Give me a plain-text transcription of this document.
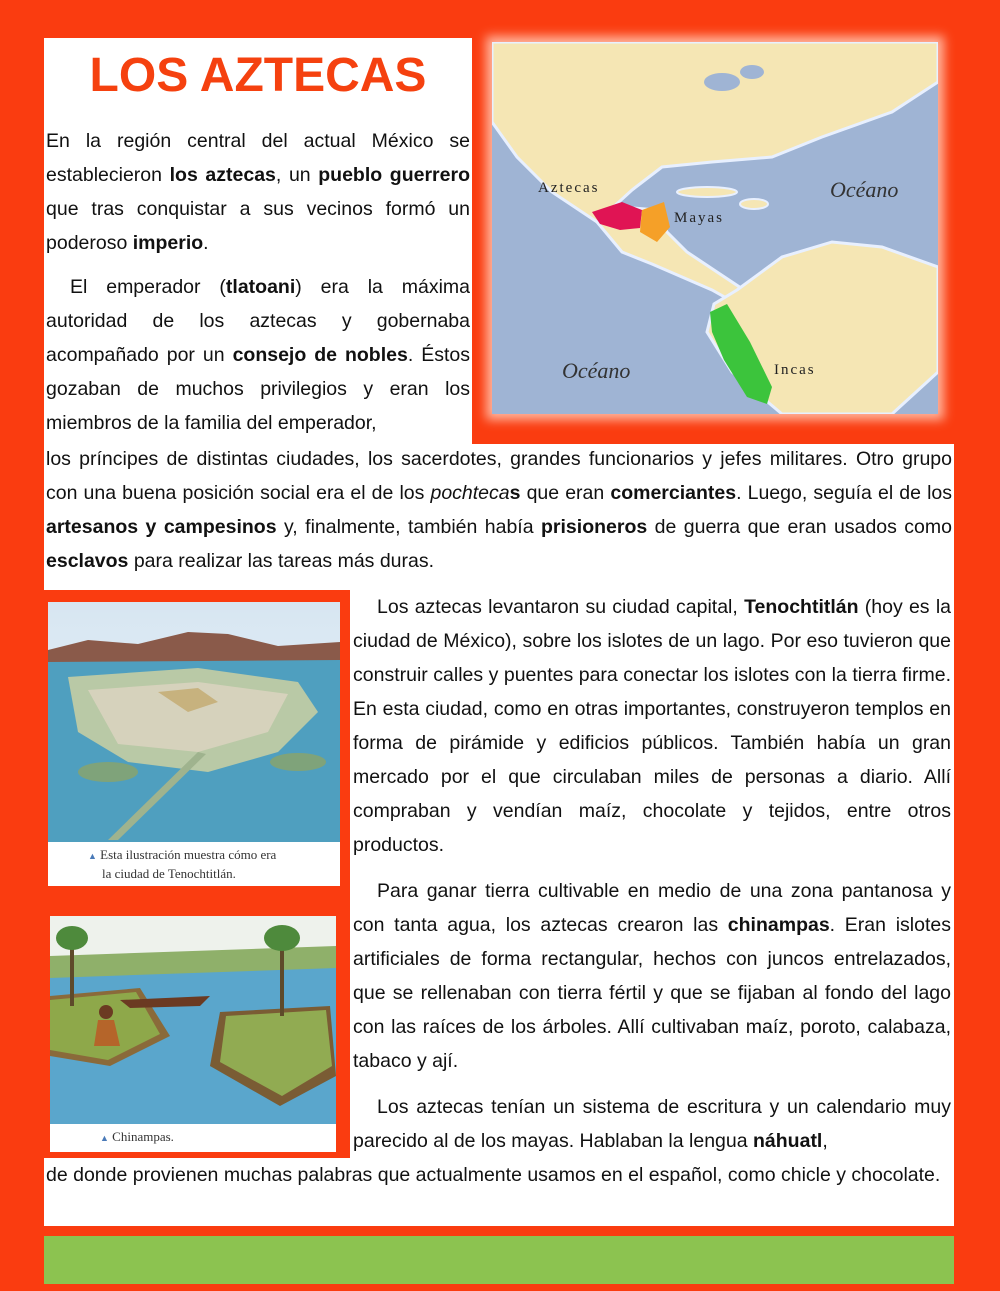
LOS AZTECAS
Aztecas
Mayas
Incas
Océano
Océano

En la región central del actual México se establecieron los aztecas, un pueblo guerrero que tras conquistar a sus vecinos formó un poderoso imperio.

El emperador (tlatoani) era la máxima autoridad de los aztecas y gobernaba acompañado por un consejo de nobles. Éstos gozaban de muchos privilegios y eran los miembros de la familia del emperador,

los príncipes de distintas ciudades, los sacerdotes, grandes funcionarios y jefes militares. Otro grupo con una buena posición social era el de los pochtecas que eran comerciantes. Luego, seguía el de los artesanos y campesinos y, finalmente, también había prisioneros de guerra que eran usados como esclavos para realizar las tareas más duras.

▲ Esta ilustración muestra cómo era
la ciudad de Tenochtitlán.

Los aztecas levantaron su ciudad capital, Tenochtitlán (hoy es la ciudad de México), sobre los islotes de un lago. Por eso tuvieron que construir calles y puentes para conectar los islotes con la tierra firme. En esta ciudad, como en otras importantes, construyeron templos en forma de pirámide y edificios públicos. También había un gran mercado por el que circulaban miles de personas a diario. Allí compraban y vendían maíz, chocolate y tejidos, entre otros productos.

▲ Chinampas.

Para ganar tierra cultivable en medio de una zona pantanosa y con tanta agua, los aztecas crearon las chinampas. Eran islotes artificiales de forma rectangular, hechos con juncos entrelazados, que se rellenaban con tierra fértil y que se fijaban al fondo del lago con las raíces de los árboles. Allí cultivaban maíz, poroto, calabaza, tabaco y ají.

Los aztecas tenían un sistema de escritura y un calendario muy parecido al de los mayas. Hablaban la lengua náhuatl,

de donde provienen muchas palabras que actualmente usamos en el español, como chicle y chocolate.
